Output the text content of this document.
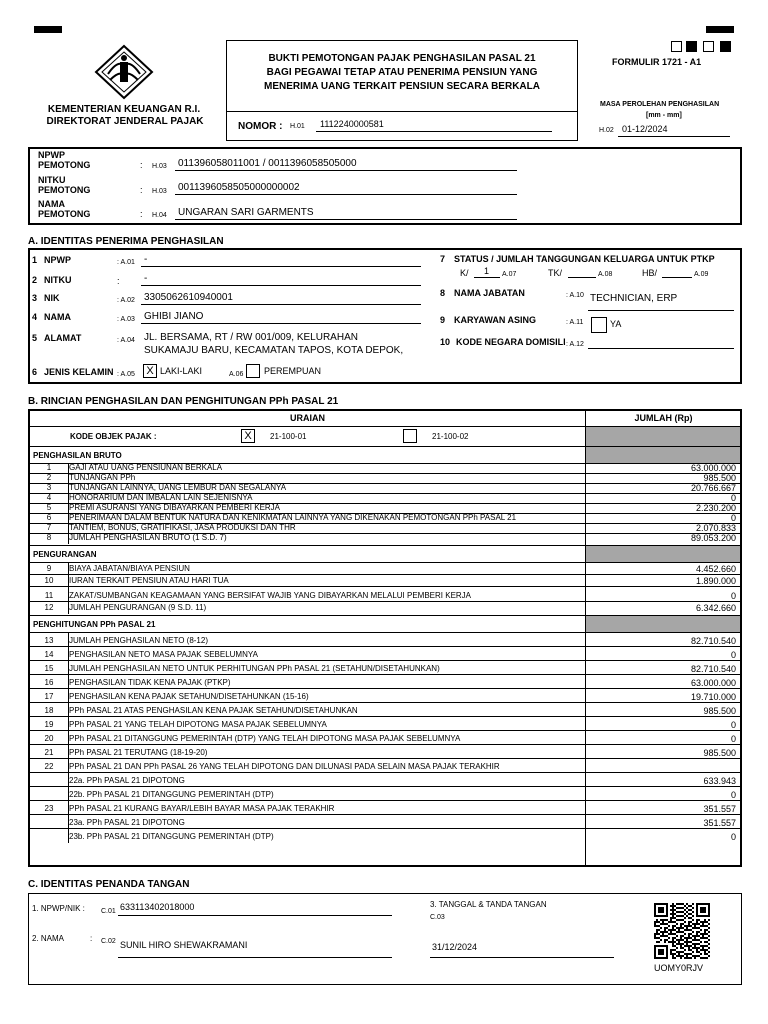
KEMENTERIAN KEUANGAN R.I.
DIREKTORAT JENDERAL PAJAK
BUKTI PEMOTONGAN PAJAK PENGHASILAN PASAL 21
BAGI PEGAWAI TETAP ATAU PENERIMA PENSIUN YANG
MENERIMA UANG TERKAIT PENSIUN SECARA BERKALA
NOMOR : H.01 1112240000581
FORMULIR 1721 - A1
MASA PEROLEHAN PENGHASILAN
[mm - mm]
H.02 01-12/2024
NPWP
PEMOTONG	: H.03 011396058011001 / 0011396058505000
NITKU
PEMOTONG	: H.03 0011396058505000000002
NAMA
PEMOTONG	: H.04 UNGARAN SARI GARMENTS
A. IDENTITAS PENERIMA PENGHASILAN
1 NPWP	: A.01 -
2 NITKU	: -
3 NIK	: A.02 3305062610940001
4 NAMA	: A.03 GHIBI JIANO
5 ALAMAT	: A.04 JL. BERSAMA, RT / RW 001/009, KELURAHAN
SUKAMAJU BARU, KECAMATAN TAPOS, KOTA DEPOK,
6 JENIS KELAMIN : A.05	X LAKI-LAKI	A.06 PEREMPUAN
7 STATUS / JUMLAH TANGGUNGAN KELUARGA UNTUK PTKP
K/ 1 A.07	TK/	A.08	HB/	A.09
8 NAMA JABATAN	: A.10 TECHNICIAN, ERP
9 KARYAWAN ASING	: A.11	YA
10 KODE NEGARA DOMISILI : A.12
B. RINCIAN PENGHASILAN DAN PENGHITUNGAN PPh PASAL 21
URAIAN	JUMLAH (Rp)
KODE OBJEK PAJAK :	X	21-100-01	21-100-02
PENGHASILAN BRUTO
1	GAJI ATAU UANG PENSIUNAN BERKALA	63.000.000
2	TUNJANGAN PPh	985.500
3	TUNJANGAN LAINNYA, UANG LEMBUR DAN SEGALANYA	20.766.667
4	HONORARIUM DAN IMBALAN LAIN SEJENISNYA	0
5	PREMI ASURANSI YANG DIBAYARKAN PEMBERI KERJA	2.230.200
6	PENERIMAAN DALAM BENTUK NATURA DAN KENIKMATAN LAINNYA YANG DIKENAKAN PEMOTONGAN PPh PASAL 21	0
7	TANTIEM, BONUS, GRATIFIKASI, JASA PRODUKSI DAN THR	2.070.833
8	JUMLAH PENGHASILAN BRUTO (1 S.D. 7)	89.053.200
PENGURANGAN
9	BIAYA JABATAN/BIAYA PENSIUN	4.452.660
10	IURAN TERKAIT PENSIUN ATAU HARI TUA	1.890.000
11	ZAKAT/SUMBANGAN KEAGAMAAN YANG BERSIFAT WAJIB YANG DIBAYARKAN MELALUI PEMBERI KERJA	0
12	JUMLAH PENGURANGAN (9 S.D. 11)	6.342.660
PENGHITUNGAN PPh PASAL 21
13	JUMLAH PENGHASILAN NETO (8-12)	82.710.540
14	PENGHASILAN NETO MASA PAJAK SEBELUMNYA	0
15	JUMLAH PENGHASILAN NETO UNTUK PERHITUNGAN PPh PASAL 21 (SETAHUN/DISETAHUNKAN)	82.710.540
16	PENGHASILAN TIDAK KENA PAJAK (PTKP)	63.000.000
17	PENGHASILAN KENA PAJAK SETAHUN/DISETAHUNKAN (15-16)	19.710.000
18	PPh PASAL 21 ATAS PENGHASILAN KENA PAJAK SETAHUN/DISETAHUNKAN	985.500
19	PPh PASAL 21 YANG TELAH DIPOTONG MASA PAJAK SEBELUMNYA	0
20	PPh PASAL 21 DITANGGUNG PEMERINTAH (DTP) YANG TELAH DIPOTONG MASA PAJAK SEBELUMNYA	0
21	PPh PASAL 21 TERUTANG (18-19-20)	985.500
22	PPh PASAL 21 DAN PPh PASAL 26 YANG TELAH DIPOTONG DAN DILUNASI PADA SELAIN MASA PAJAK TERAKHIR
22a. PPh PASAL 21 DIPOTONG	633.943
22b. PPh PASAL 21 DITANGGUNG PEMERINTAH (DTP)	0
23	PPh PASAL 21 KURANG BAYAR/LEBIH BAYAR MASA PAJAK TERAKHIR	351.557
23a. PPh PASAL 21 DIPOTONG	351.557
23b. PPh PASAL 21 DITANGGUNG PEMERINTAH (DTP)	0
C. IDENTITAS PENANDA TANGAN
1. NPWP/NIK : C.01 633113402018000
2. NAMA	: C.02 SUNIL HIRO SHEWAKRAMANI
3. TANGGAL & TANDA TANGAN
C.03
31/12/2024
UOMY0RJV
